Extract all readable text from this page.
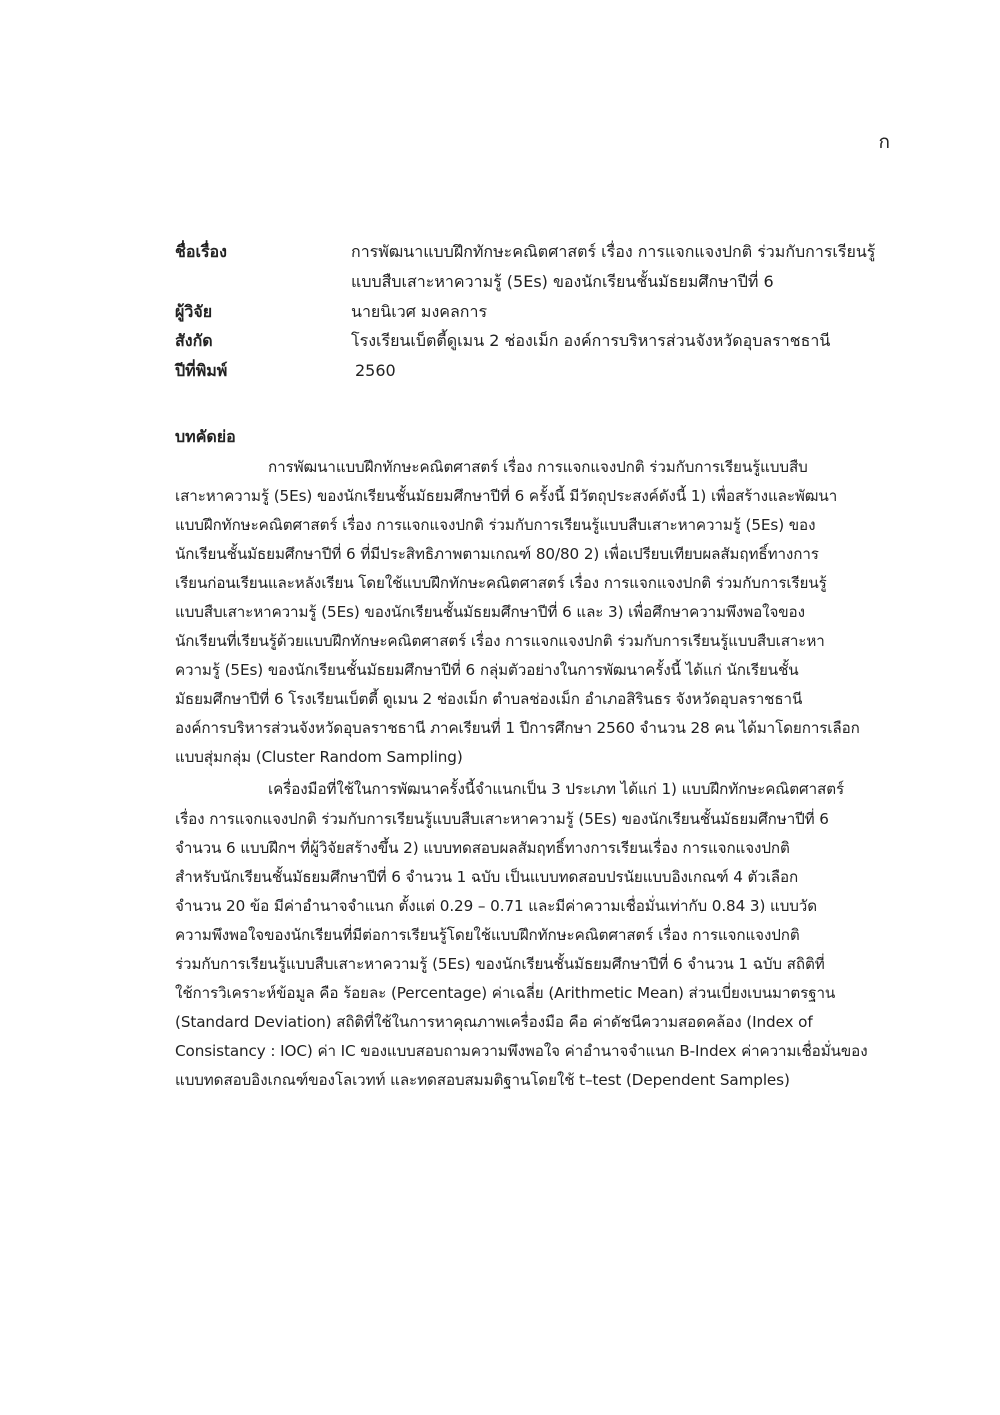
ก
ชื่อเรื่อง	การพัฒนาแบบฝึกทักษะคณิตศาสตร์ เรื่อง การแจกแจงปกติ ร่วมกับการเรียนรู้
แบบสืบเสาะหาความรู้ (5Es) ของนักเรียนชั้นมัธยมศึกษาปีที่ 6
ผู้วิจัย	นายนิเวศ มงคลการ
สังกัด	โรงเรียนเบ็ตตี้ดูเมน 2 ช่องเม็ก องค์การบริหารส่วนจังหวัดอุบลราชธานี
ปีที่พิมพ์	2560
บทคัดย่อ
การพัฒนาแบบฝึกทักษะคณิตศาสตร์ เรื่อง การแจกแจงปกติ ร่วมกับการเรียนรู้แบบสืบ
เสาะหาความรู้ (5Es) ของนักเรียนชั้นมัธยมศึกษาปีที่ 6 ครั้งนี้ มีวัตถุประสงค์ดังนี้ 1) เพื่อสร้างและพัฒนา
แบบฝึกทักษะคณิตศาสตร์ เรื่อง การแจกแจงปกติ ร่วมกับการเรียนรู้แบบสืบเสาะหาความรู้ (5Es) ของ
นักเรียนชั้นมัธยมศึกษาปีที่ 6 ที่มีประสิทธิภาพตามเกณฑ์ 80/80 2) เพื่อเปรียบเทียบผลสัมฤทธิ์ทางการ
เรียนก่อนเรียนและหลังเรียน โดยใช้แบบฝึกทักษะคณิตศาสตร์ เรื่อง การแจกแจงปกติ ร่วมกับการเรียนรู้
แบบสืบเสาะหาความรู้ (5Es) ของนักเรียนชั้นมัธยมศึกษาปีที่ 6 และ 3) เพื่อศึกษาความพึงพอใจของ
นักเรียนที่เรียนรู้ด้วยแบบฝึกทักษะคณิตศาสตร์ เรื่อง การแจกแจงปกติ ร่วมกับการเรียนรู้แบบสืบเสาะหา
ความรู้ (5Es) ของนักเรียนชั้นมัธยมศึกษาปีที่ 6 กลุ่มตัวอย่างในการพัฒนาครั้งนี้ ได้แก่ นักเรียนชั้น
มัธยมศึกษาปีที่ 6 โรงเรียนเบ็ตตี้ ดูเมน 2 ช่องเม็ก ตำบลช่องเม็ก อำเภอสิรินธร จังหวัดอุบลราชธานี
องค์การบริหารส่วนจังหวัดอุบลราชธานี ภาคเรียนที่ 1 ปีการศึกษา 2560 จำนวน 28 คน ได้มาโดยการเลือก
แบบสุ่มกลุ่ม (Cluster Random Sampling)
เครื่องมือที่ใช้ในการพัฒนาครั้งนี้จำแนกเป็น 3 ประเภท ได้แก่ 1) แบบฝึกทักษะคณิตศาสตร์
เรื่อง การแจกแจงปกติ ร่วมกับการเรียนรู้แบบสืบเสาะหาความรู้ (5Es) ของนักเรียนชั้นมัธยมศึกษาปีที่ 6
จำนวน 6 แบบฝึกฯ ที่ผู้วิจัยสร้างขึ้น 2) แบบทดสอบผลสัมฤทธิ์ทางการเรียนเรื่อง การแจกแจงปกติ
สำหรับนักเรียนชั้นมัธยมศึกษาปีที่ 6 จำนวน 1 ฉบับ เป็นแบบทดสอบปรนัยแบบอิงเกณฑ์ 4 ตัวเลือก
จำนวน 20 ข้อ มีค่าอำนาจจำแนก ตั้งแต่ 0.29 – 0.71 และมีค่าความเชื่อมั่นเท่ากับ 0.84 3) แบบวัด
ความพึงพอใจของนักเรียนที่มีต่อการเรียนรู้โดยใช้แบบฝึกทักษะคณิตศาสตร์ เรื่อง การแจกแจงปกติ
ร่วมกับการเรียนรู้แบบสืบเสาะหาความรู้ (5Es) ของนักเรียนชั้นมัธยมศึกษาปีที่ 6 จำนวน 1 ฉบับ สถิติที่
ใช้การวิเคราะห์ข้อมูล คือ ร้อยละ (Percentage) ค่าเฉลี่ย (Arithmetic Mean) ส่วนเบี่ยงเบนมาตรฐาน
(Standard Deviation) สถิติที่ใช้ในการหาคุณภาพเครื่องมือ คือ ค่าดัชนีความสอดคล้อง (Index of
Consistancy : IOC) ค่า IC ของแบบสอบถามความพึงพอใจ ค่าอำนาจจำแนก B-Index ค่าความเชื่อมั่นของ
แบบทดสอบอิงเกณฑ์ของโลเวทท์ และทดสอบสมมติฐานโดยใช้ t–test (Dependent Samples)
